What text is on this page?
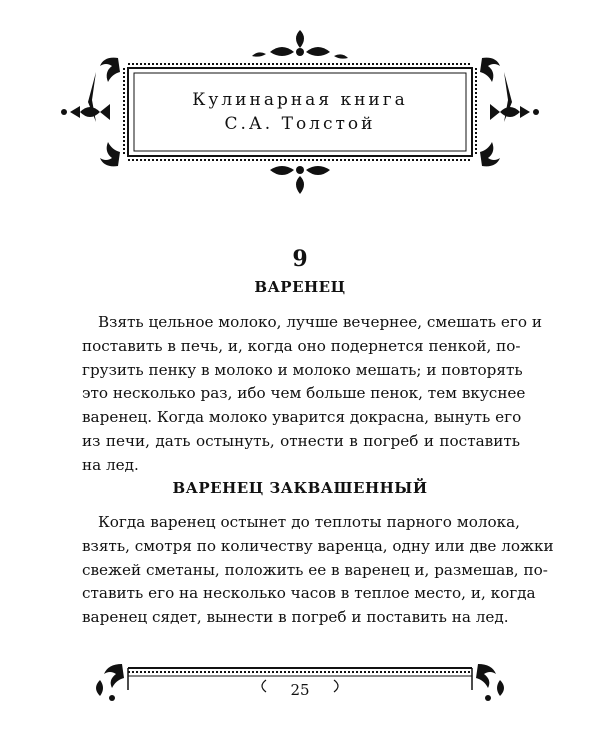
Кулинарная книга
С.А. Толстой
9
ВАРЕНЕЦ
Взять цельное молоко, лучше вечернее, смешать его и
поставить в печь, и, когда оно подернется пенкой, по-
грузить пенку в молоко и молоко мешать; и повторять
это несколько раз, ибо чем больше пенок, тем вкуснее
варенец. Когда молоко уварится докрасна, вынуть его
из печи, дать остынуть, отнести в погреб и поставить
на лед.
ВАРЕНЕЦ ЗАКВАШЕННЫЙ
Когда варенец остынет до теплоты парного молока,
взять, смотря по количеству варенца, одну или две ложки
свежей сметаны, положить ее в варенец и, размешав, по-
ставить его на несколько часов в теплое место, и, когда
варенец сядет, вынести в погреб и поставить на лед.
25
